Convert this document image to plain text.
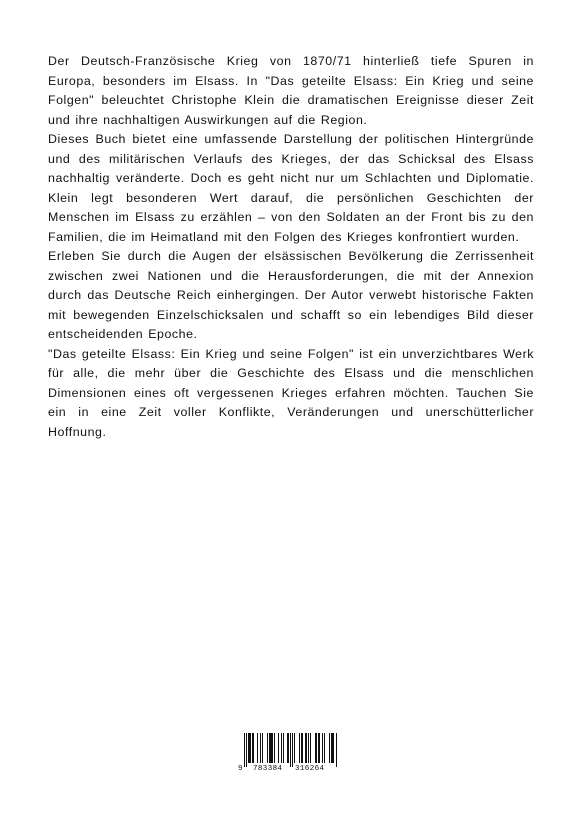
Der Deutsch-Französische Krieg von 1870/71 hinterließ tiefe Spuren in Europa, besonders im Elsass. In "Das geteilte Elsass: Ein Krieg und seine Folgen" beleuchtet Christophe Klein die dramatischen Ereignisse dieser Zeit und ihre nachhaltigen Auswirkungen auf die Region.

Dieses Buch bietet eine umfassende Darstellung der politischen Hintergründe und des militärischen Verlaufs des Krieges, der das Schicksal des Elsass nachhaltig veränderte. Doch es geht nicht nur um Schlachten und Diplomatie. Klein legt besonderen Wert darauf, die persönlichen Geschichten der Menschen im Elsass zu erzählen – von den Soldaten an der Front bis zu den Familien, die im Heimatland mit den Folgen des Krieges konfrontiert wurden.

Erleben Sie durch die Augen der elsässischen Bevölkerung die Zerrissenheit zwischen zwei Nationen und die Herausforderungen, die mit der Annexion durch das Deutsche Reich einhergingen. Der Autor verwebt historische Fakten mit bewegenden Einzelschicksalen und schafft so ein lebendiges Bild dieser entscheidenden Epoche.

"Das geteilte Elsass: Ein Krieg und seine Folgen" ist ein unverzichtbares Werk für alle, die mehr über die Geschichte des Elsass und die menschlichen Dimensionen eines oft vergessenen Krieges erfahren möchten. Tauchen Sie ein in eine Zeit voller Konflikte, Veränderungen und unerschütterlicher Hoffnung.

9 783384 316264
